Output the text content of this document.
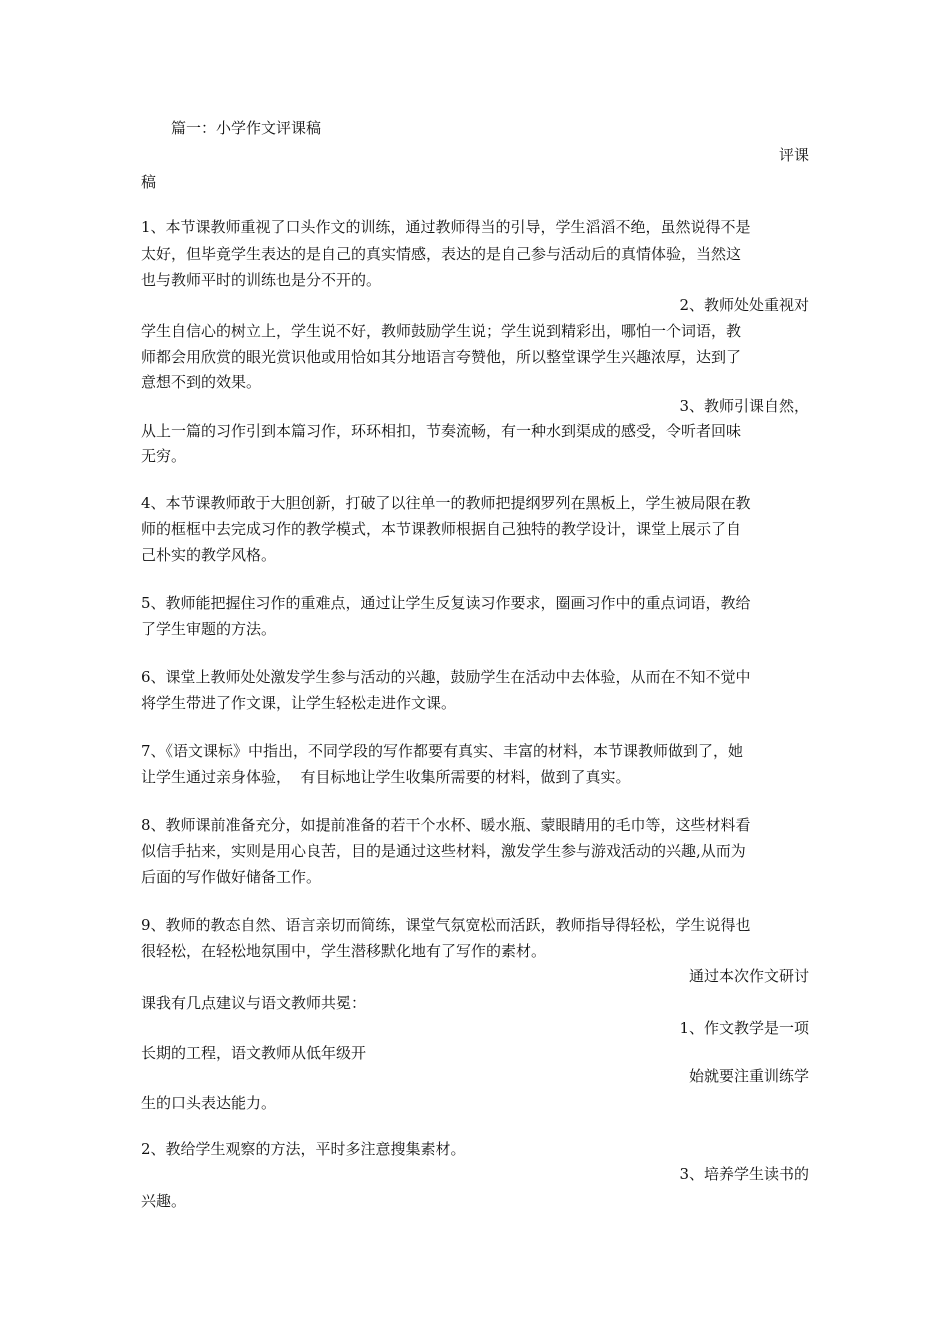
篇一：小学作文评课稿
评课
稿
1、本节课教师重视了口头作文的训练，通过教师得当的引导，学生滔滔不绝，虽然说得不是
太好，但毕竟学生表达的是自己的真实情感，表达的是自己参与活动后的真情体验，当然这
也与教师平时的训练也是分不开的。
2、教师处处重视对
学生自信心的树立上，学生说不好，教师鼓励学生说；学生说到精彩出，哪怕一个词语，教
师都会用欣赏的眼光赏识他或用恰如其分地语言夸赞他，所以整堂课学生兴趣浓厚，达到了
意想不到的效果。
3、教师引课自然，
从上一篇的习作引到本篇习作，环环相扣，节奏流畅，有一种水到渠成的感受，令听者回味
无穷。
4、本节课教师敢于大胆创新，打破了以往单一的教师把提纲罗列在黑板上，学生被局限在教
师的框框中去完成习作的教学模式，本节课教师根据自己独特的教学设计，课堂上展示了自
己朴实的教学风格。
5、教师能把握住习作的重难点，通过让学生反复读习作要求，圈画习作中的重点词语，教给
了学生审题的方法。
6、课堂上教师处处激发学生参与活动的兴趣，鼓励学生在活动中去体验，从而在不知不觉中
将学生带进了作文课，让学生轻松走进作文课。
7、《语文课标》中指出，不同学段的写作都要有真实、丰富的材料，本节课教师做到了，她
让学生通过亲身体验，  有目标地让学生收集所需要的材料，做到了真实。
8、教师课前准备充分，如提前准备的若干个水杯、暖水瓶、蒙眼睛用的毛巾等，这些材料看
似信手拈来，实则是用心良苦，目的是通过这些材料，激发学生参与游戏活动的兴趣,从而为
后面的写作做好储备工作。
9、教师的教态自然、语言亲切而简练，课堂气氛宽松而活跃，教师指导得轻松，学生说得也
很轻松，在轻松地氛围中，学生潜移默化地有了写作的素材。
通过本次作文研讨
课我有几点建议与语文教师共冕：
1、作文教学是一项
长期的工程，语文教师从低年级开
始就要注重训练学
生的口头表达能力。
2、教给学生观察的方法，平时多注意搜集素材。
3、培养学生读书的
兴趣。
